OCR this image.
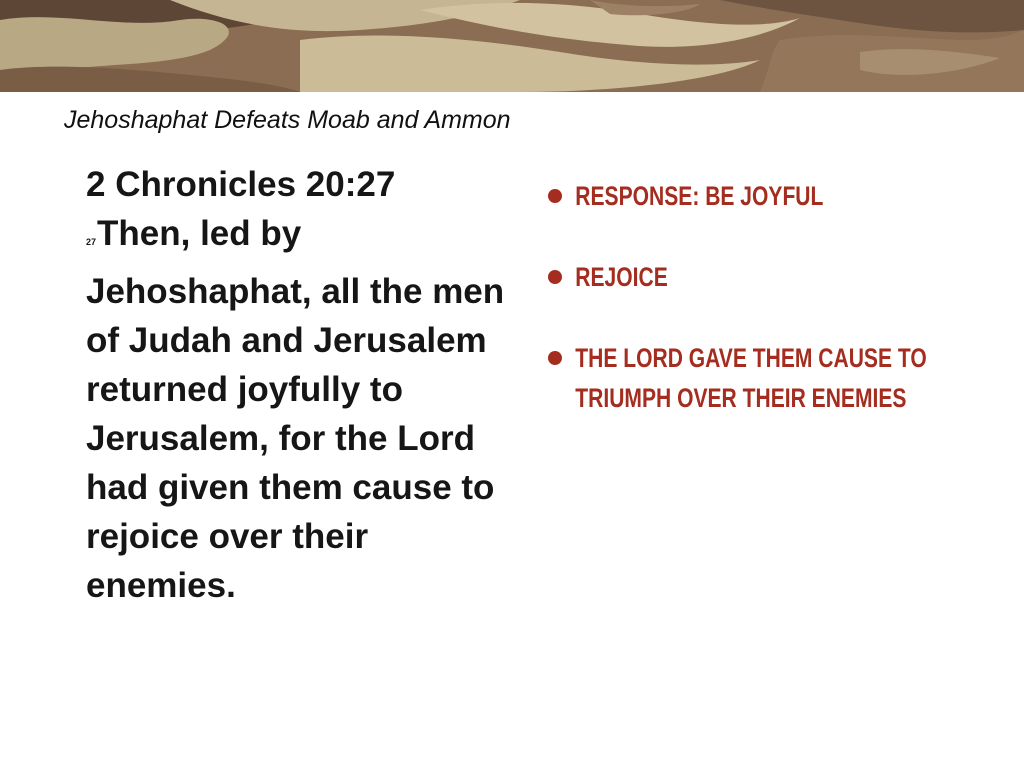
Jehoshaphat Defeats Moab and Ammon
2 Chronicles 20:27
27Then, led by Jehoshaphat, all the men of Judah and Jerusalem returned joyfully to Jerusalem, for the Lord had given them cause to rejoice over their enemies.
RESPONSE: BE JOYFUL
REJOICE
THE LORD GAVE THEM CAUSE TO TRIUMPH OVER THEIR ENEMIES
